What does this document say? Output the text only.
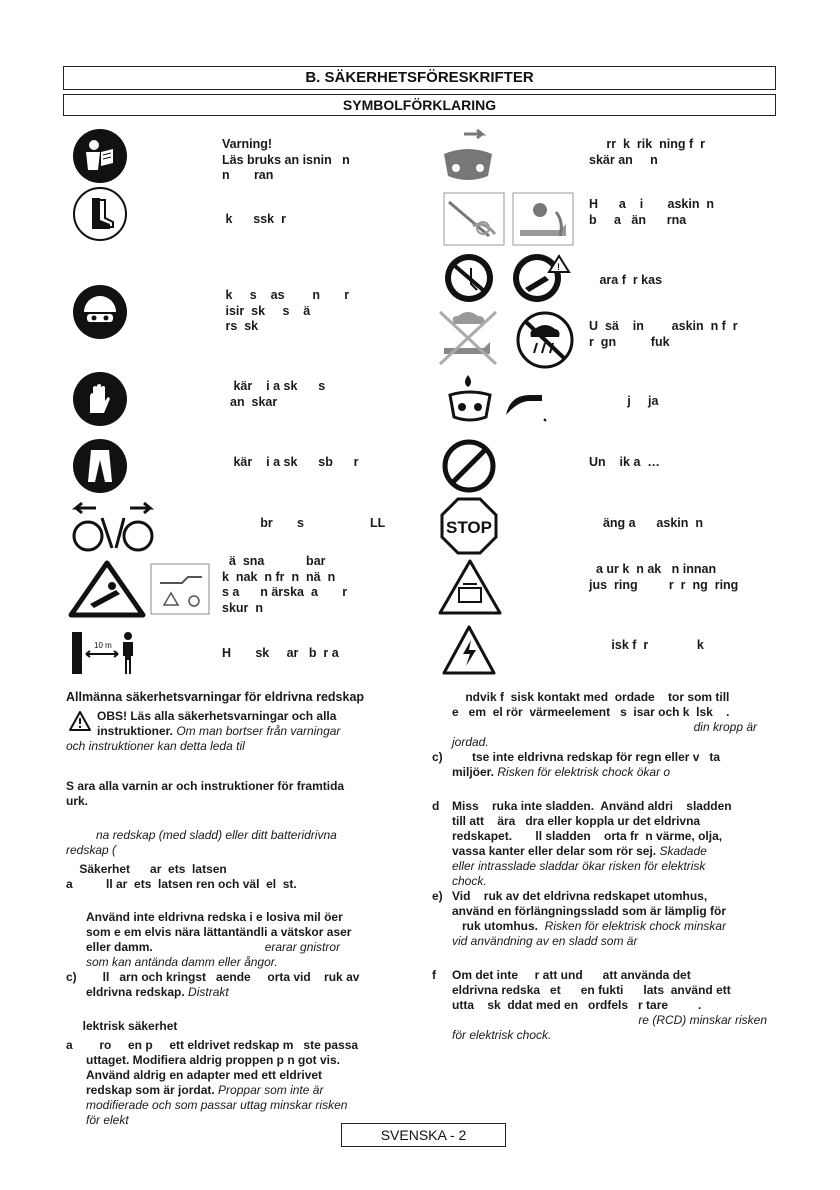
B. SÄKERHETSFÖRESKRIFTER
SYMBOLFÖRKLARING
Varning!
Läs bruks an isnin   n
n       ran
k      ssk  r
k     s    as        n       r
isir  sk     s    ä
rs  sk
kär    i a sk      s
an  skar
kär    i a sk      sb      r
br       s                   LL
ä  sna            bar
k  nak  n fr  n  nä  n
s a      n ärska  a       r
skur  n
10 m
H       sk     ar   b  r a
rr  k  rik  ning f  r
skär an     n
H      a    i       askin  n
b     a   än      rna
!
ara f  r kas
U  sä    in        askin  n f  r
r  gn          fuk
j     ja
Un    ik a  …
STOP	äng a      askin  n
a ur k  n ak   n innan
jus  ring         r  r  ng  ring
isk f  r              k

Allmänna säkerhetsvarningar för eldrivna redskap

OBS! Läs alla säkerhetsvarningar och alla

instruktioner. Om man bortser från varningar

och instruktioner kan detta leda til

S ara alla varnin ar och instruktioner för framtida

urk.

na redskap (med sladd) eller ditt batteridrivna

redskap (

Säkerhet      ar  ets  latsen

a      ll ar  ets  latsen ren och väl  el  st.

Använd inte eldrivna redska i e losiva mil öer

som e em elvis nära lättantändli a vätskor aser

eller damm.	erarar gnistror

som kan antända damm eller ångor.

c)     ll   arn och kringst   aende     orta vid    ruk av

eldrivna redskap. Distrakt

lektrisk säkerhet

a    ro     en p     ett eldrivet redskap m   ste passa

uttaget. Modifiera aldrig proppen p n got vis.

Använd aldrig en adapter med ett eldrivet

redskap som är jordat. Proppar som inte är

modifierade och som passar uttag minskar risken

för elekt

ndvik f  sisk kontakt med  ordade    tor som till

e   em  el rör  värmeelement   s  isar och k  lsk    .

din kropp är

jordad.

c)      tse inte eldrivna redskap för regn eller v   ta

miljöer. Risken för elektrisk chock ökar o

d Miss    ruka inte sladden.  Använd aldri    sladden

till att    ära   dra eller koppla ur det eldrivna

redskapet.       ll sladden    orta fr  n värme, olja,

vassa kanter eller delar som rör sej. Skadade

eller intrasslade sladdar ökar risken för elektrisk

chock.

e) Vid    ruk av det eldrivna redskapet utomhus,

använd en förlängningssladd som är lämplig för

ruk utomhus.  Risken för elektrisk chock minskar

vid användning av en sladd som är

f Om det inte     r att und      att använda det

eldrivna redska   et      en fukti      lats  använd ett

utta    sk  ddat med en   ordfels   r tare         .

re (RCD) minskar risken

för elektrisk chock.

SVENSKA - 2
